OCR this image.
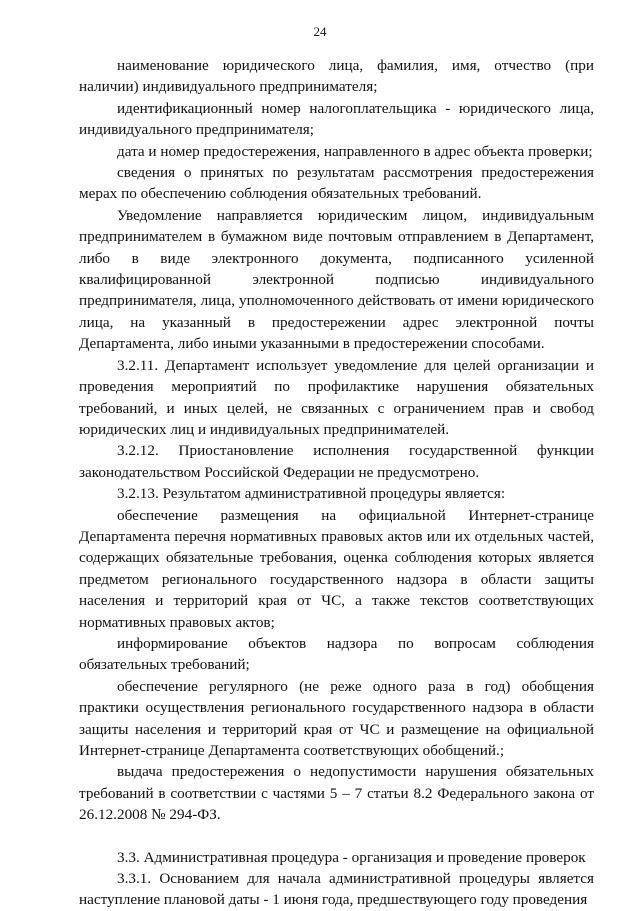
24

наименование юридического лица, фамилия, имя, отчество (при наличии) индивидуального предпринимателя;

идентификационный номер налогоплательщика - юридического лица, индивидуального предпринимателя;

дата и номер предостережения, направленного в адрес объекта проверки;

сведения о принятых по результатам рассмотрения предостережения мерах по обеспечению соблюдения обязательных требований.

Уведомление направляется юридическим лицом, индивидуальным предпринимателем в бумажном виде почтовым отправлением в Департамент, либо в виде электронного документа, подписанного усиленной квалифицированной электронной подписью индивидуального предпринимателя, лица, уполномоченного действовать от имени юридического лица, на указанный в предостережении адрес электронной почты Департамента, либо иными указанными в предостережении способами.

3.2.11. Департамент использует уведомление для целей организации и проведения мероприятий по профилактике нарушения обязательных требований, и иных целей, не связанных с ограничением прав и свобод юридических лиц и индивидуальных предпринимателей.

3.2.12. Приостановление исполнения государственной функции законодательством Российской Федерации не предусмотрено.

3.2.13. Результатом административной процедуры является:

обеспечение размещения на официальной Интернет-странице Департамента перечня нормативных правовых актов или их отдельных частей, содержащих обязательные требования, оценка соблюдения которых является предметом регионального государственного надзора в области защиты населения и территорий края от ЧС, а также текстов соответствующих нормативных правовых актов;

информирование объектов надзора по вопросам соблюдения обязательных требований;

обеспечение регулярного (не реже одного раза в год) обобщения практики осуществления регионального государственного надзора в области защиты населения и территорий края от ЧС и размещение на официальной Интернет-странице Департамента соответствующих обобщений.;

выдача предостережения о недопустимости нарушения обязательных требований в соответствии с частями 5 – 7 статьи 8.2 Федерального закона от 26.12.2008 № 294-ФЗ.

3.3. Административная процедура - организация и проведение проверок

3.3.1. Основанием для начала административной процедуры является наступление плановой даты - 1 июня года, предшествующего году проведения
